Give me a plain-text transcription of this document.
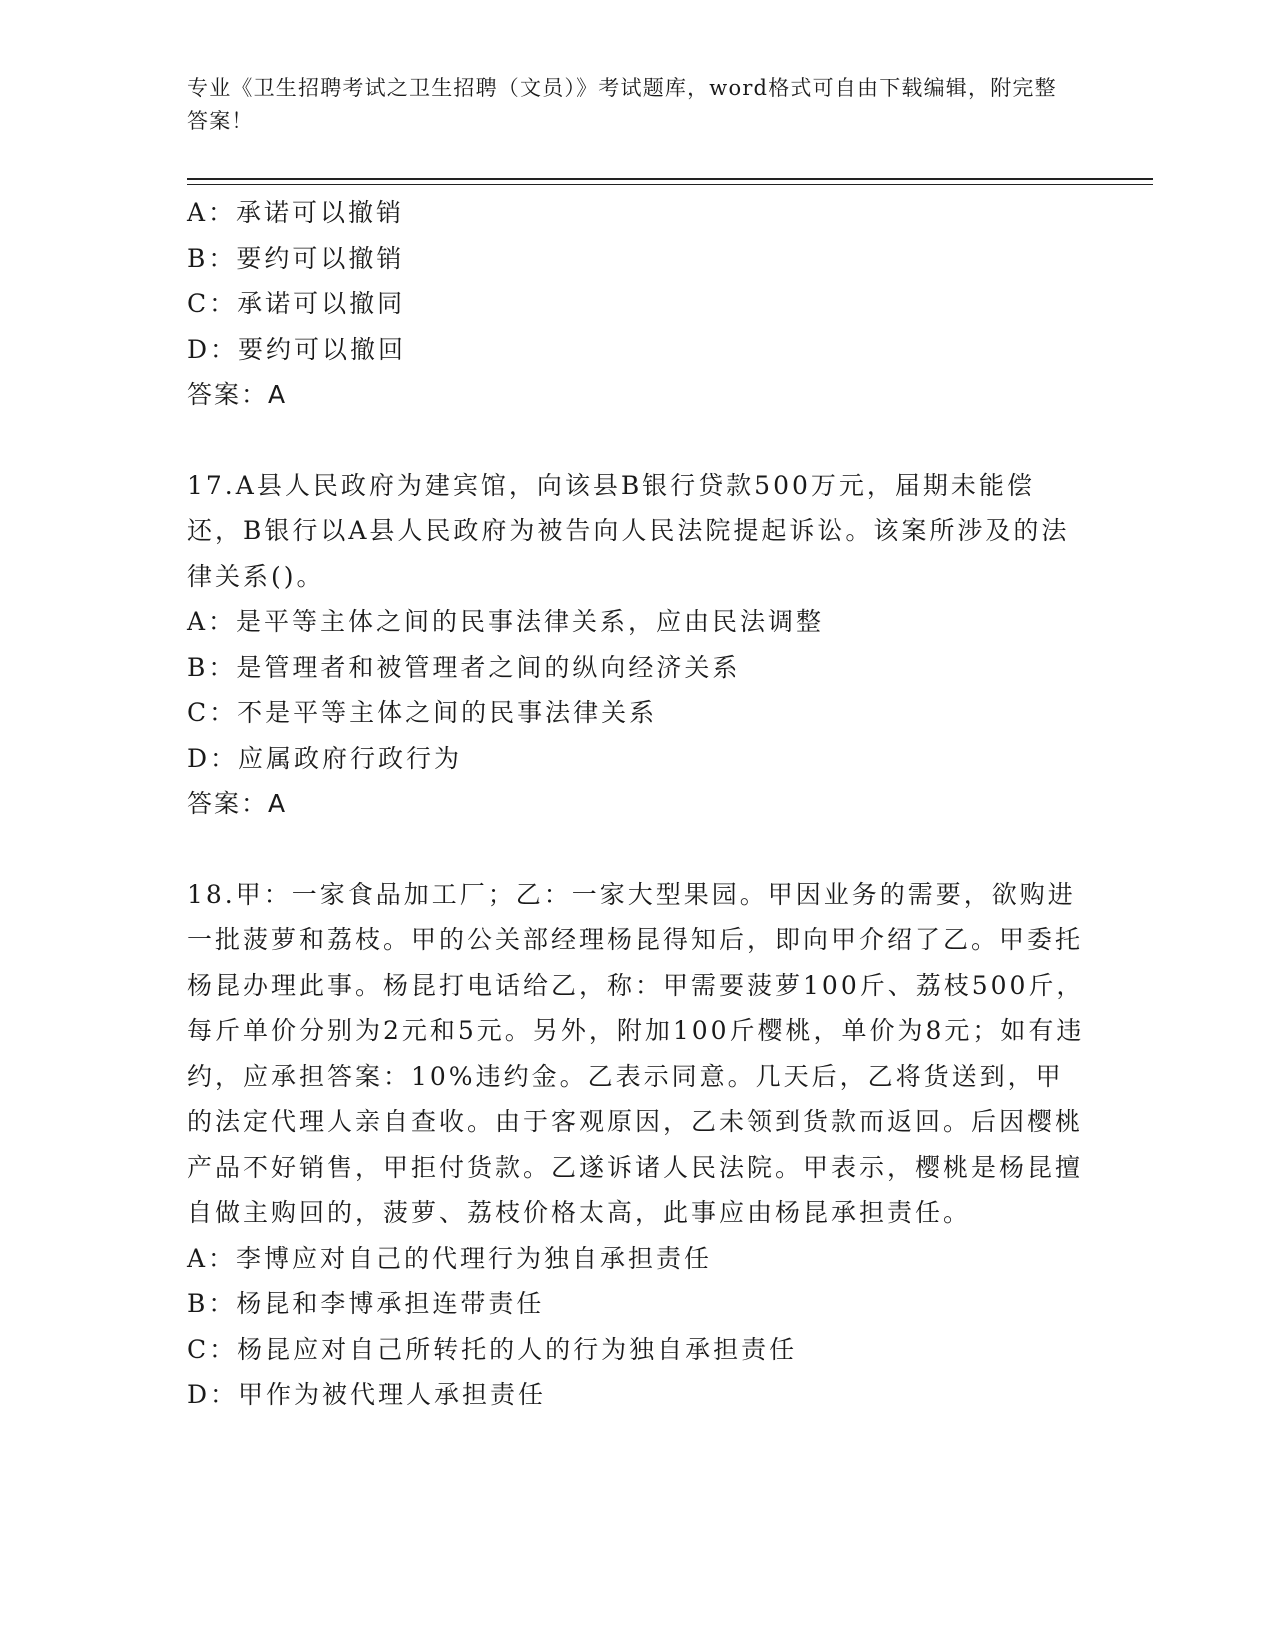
专业《卫生招聘考试之卫生招聘（文员）》考试题库，word格式可自由下载编辑，附完整答案！
A：承诺可以撤销
B：要约可以撤销
C：承诺可以撤同
D：要约可以撤回
答案：A
17.A县人民政府为建宾馆，向该县B银行贷款500万元，届期未能偿还，B银行以A县人民政府为被告向人民法院提起诉讼。该案所涉及的法律关系()。
A：是平等主体之间的民事法律关系，应由民法调整
B：是管理者和被管理者之间的纵向经济关系
C：不是平等主体之间的民事法律关系
D：应属政府行政行为
答案：A
18.甲：一家食品加工厂；乙：一家大型果园。甲因业务的需要，欲购进一批菠萝和荔枝。甲的公关部经理杨昆得知后，即向甲介绍了乙。甲委托杨昆办理此事。杨昆打电话给乙，称：甲需要菠萝100斤、荔枝500斤，每斤单价分别为2元和5元。另外，附加100斤樱桃，单价为8元；如有违约，应承担答案：10%违约金。乙表示同意。几天后，乙将货送到，甲的法定代理人亲自查收。由于客观原因，乙未领到货款而返回。后因樱桃产品不好销售，甲拒付货款。乙遂诉诸人民法院。甲表示，樱桃是杨昆擅自做主购回的，菠萝、荔枝价格太高，此事应由杨昆承担责任。
A：李博应对自己的代理行为独自承担责任
B：杨昆和李博承担连带责任
C：杨昆应对自己所转托的人的行为独自承担责任
D：甲作为被代理人承担责任
